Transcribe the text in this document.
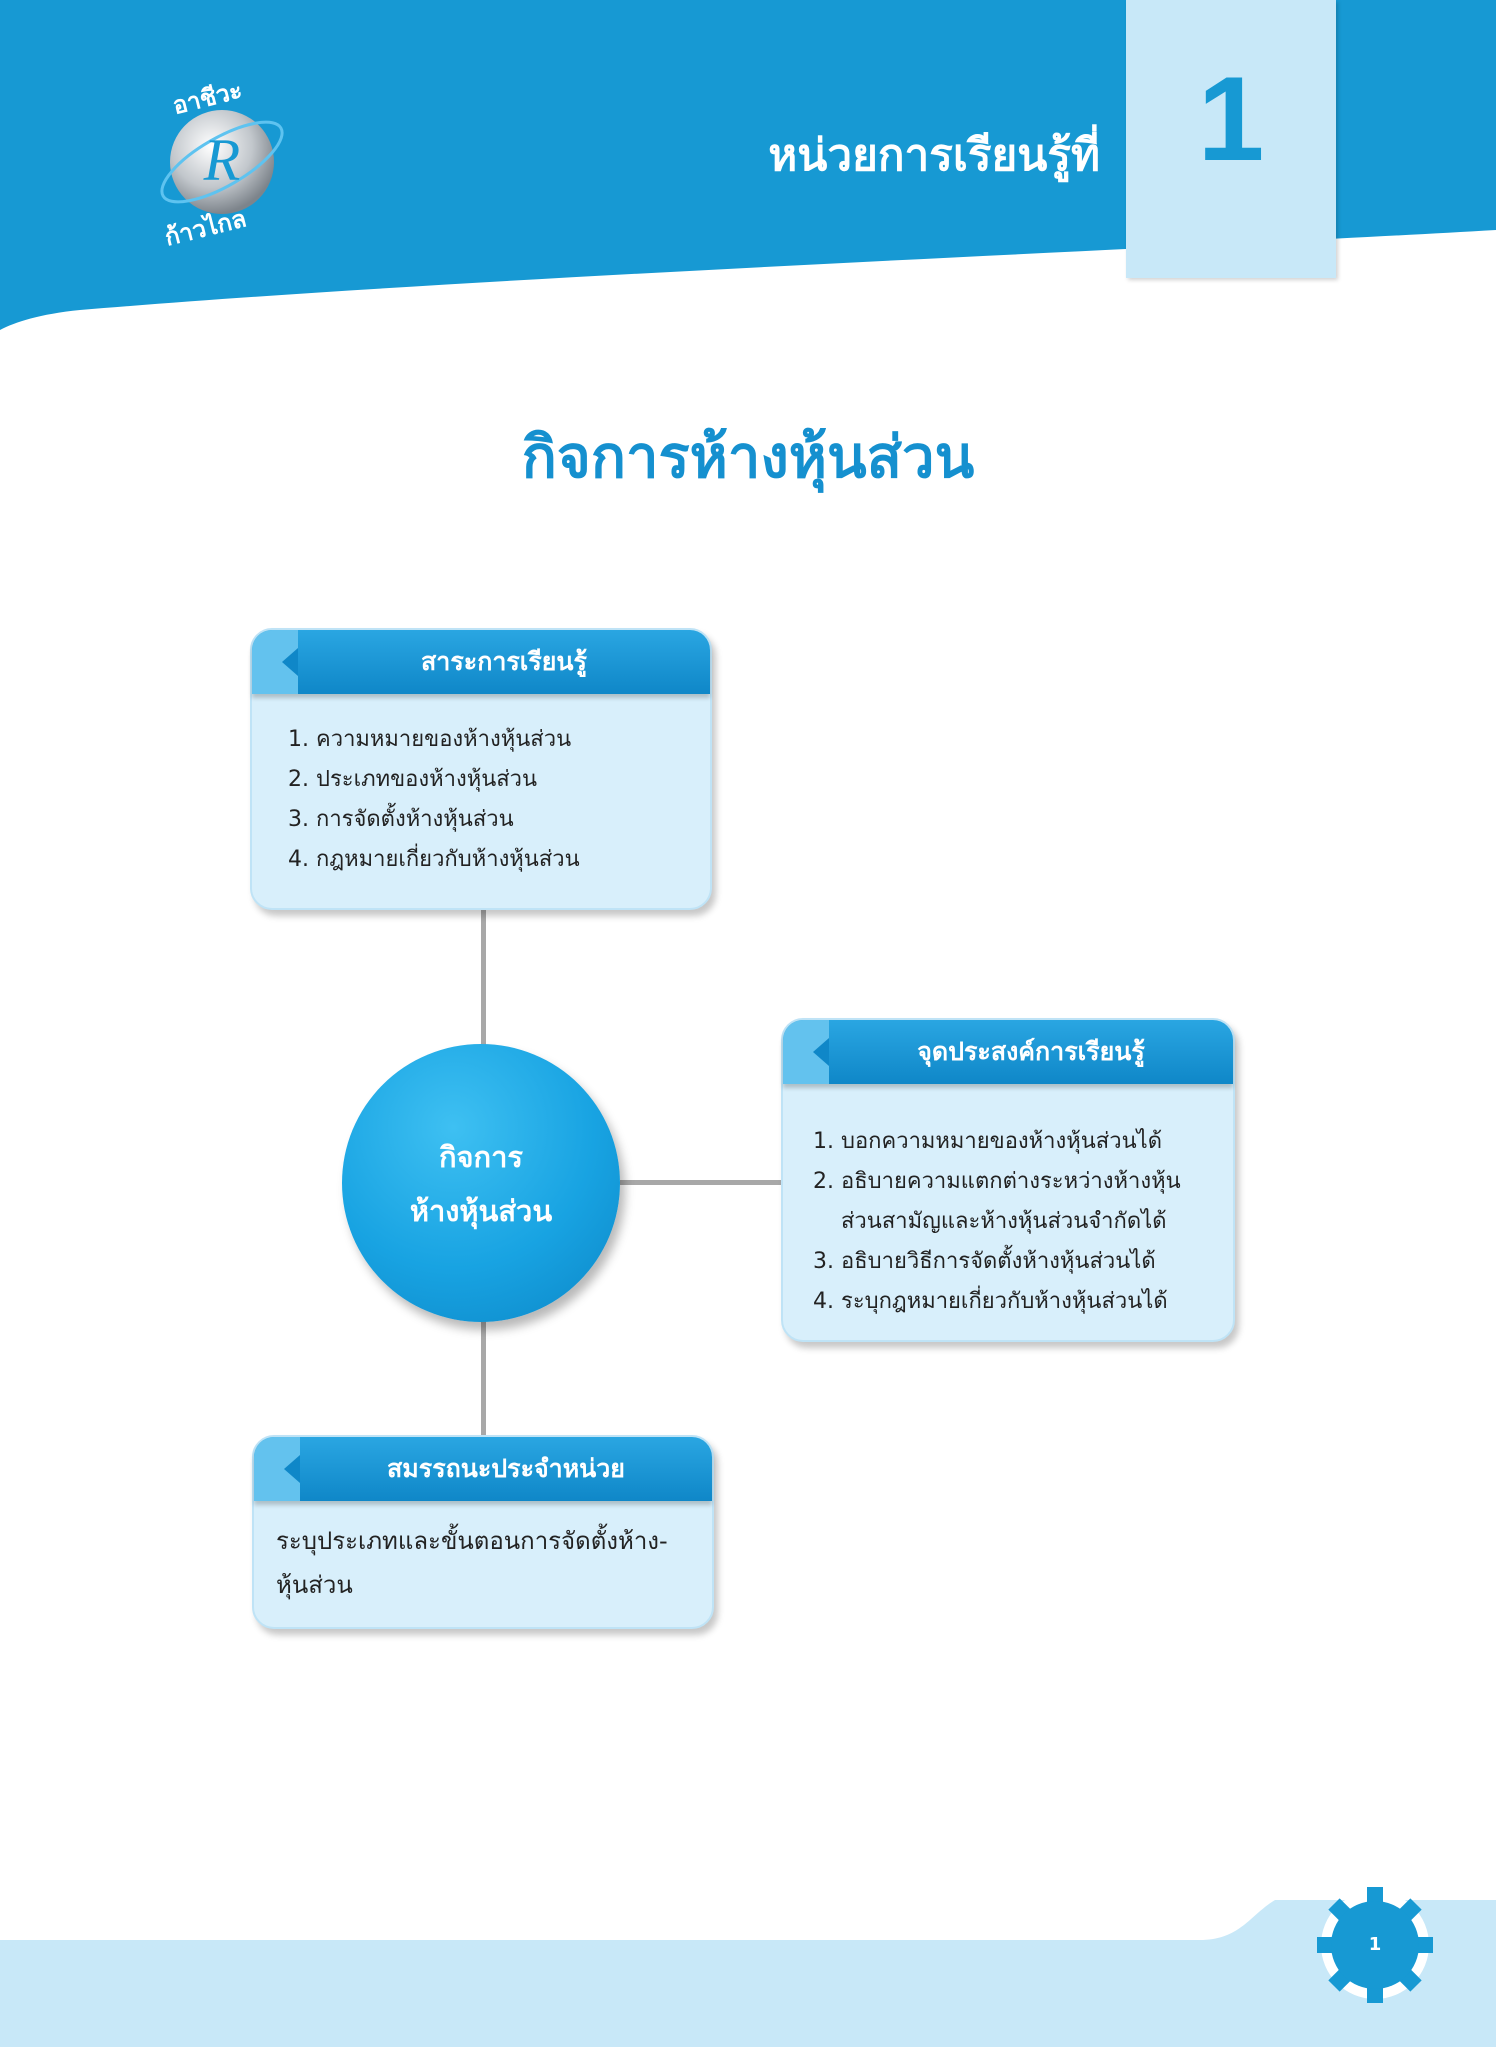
R
อาชีวะ
ก้าวไกล
หน่วยการเรียนรู้ที่ 1
กิจการห้างหุ้นส่วน
สาระการเรียนรู้
1. ความหมายของห้างหุ้นส่วน
2. ประเภทของห้างหุ้นส่วน
3. การจัดตั้งห้างหุ้นส่วน
4. กฎหมายเกี่ยวกับห้างหุ้นส่วน
กิจการ
ห้างหุ้นส่วน
จุดประสงค์การเรียนรู้
1. บอกความหมายของห้างหุ้นส่วนได้
2. อธิบายความแตกต่างระหว่างห้างหุ้นส่วนสามัญและห้างหุ้นส่วนจำกัดได้
3. อธิบายวิธีการจัดตั้งห้างหุ้นส่วนได้
4. ระบุกฎหมายเกี่ยวกับห้างหุ้นส่วนได้
สมรรถนะประจำหน่วย
ระบุประเภทและขั้นตอนการจัดตั้งห้าง-หุ้นส่วน
1
